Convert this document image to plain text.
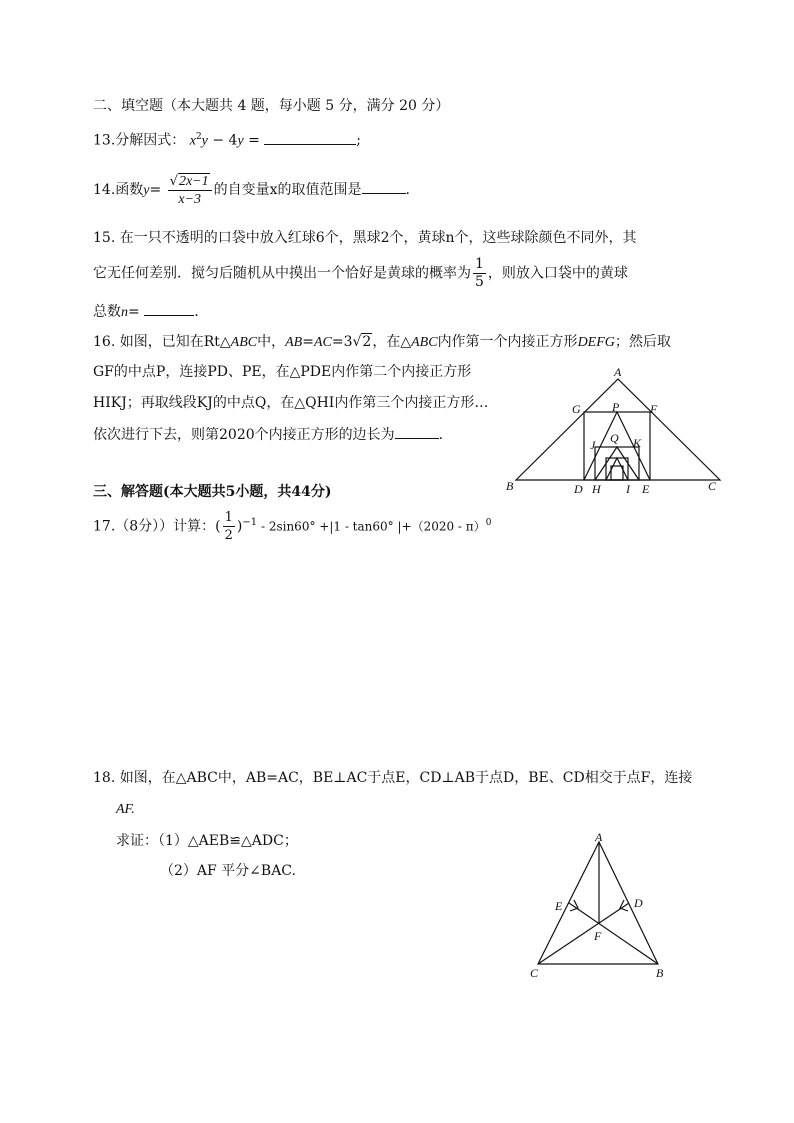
二、填空题（本大题共 4 题，每小题 5 分，满分 20 分）
13.分解因式： $x^2y - 4y$ =	;
14.函数$y= \frac{√2x-1}{x-3}$ 的自变量x的取值范围是	.
15. 在一只不透明的口袋中放入红球6个，黑球2个，黄球n个，这些球除颜色不同外，其
它无任何差别．搅匀后随机从中摸出一个恰好是黄球的概率为 $\frac{1}{5}$ ，则放入口袋中的黄球
总数n=	.
16. 如图，已知在Rt△ABC中，AB=AC=3√2，在△ABC内作第一个内接正方形DEFG；然后取
GF的中点P，连接PD、PE，在△PDE内作第二个内接正方形
HIKJ；再取线段KJ的中点Q，在△QHI内作第三个内接正方形…
依次进行下去，则第2020个内接正方形的边长为	.
A
B	C
D H I E
G	P	F
J Q K
三、解答题(本大题共5小题，共44分)
17.（8分））计算：( $\frac{1}{2} )^{-1} - 2\sin 60^\circ +|1 - \tan 60^\circ$ |+（2020 - π）$^0$
18. 如图，在△ABC中，AB=AC，BE⊥AC于点E，CD⊥AB于点D，BE、CD相交于点F，连接
AF.
求证：（1）△AEB≌△ADC；
（2）AF 平分∠BAC.
A
C	B
E	D
F
